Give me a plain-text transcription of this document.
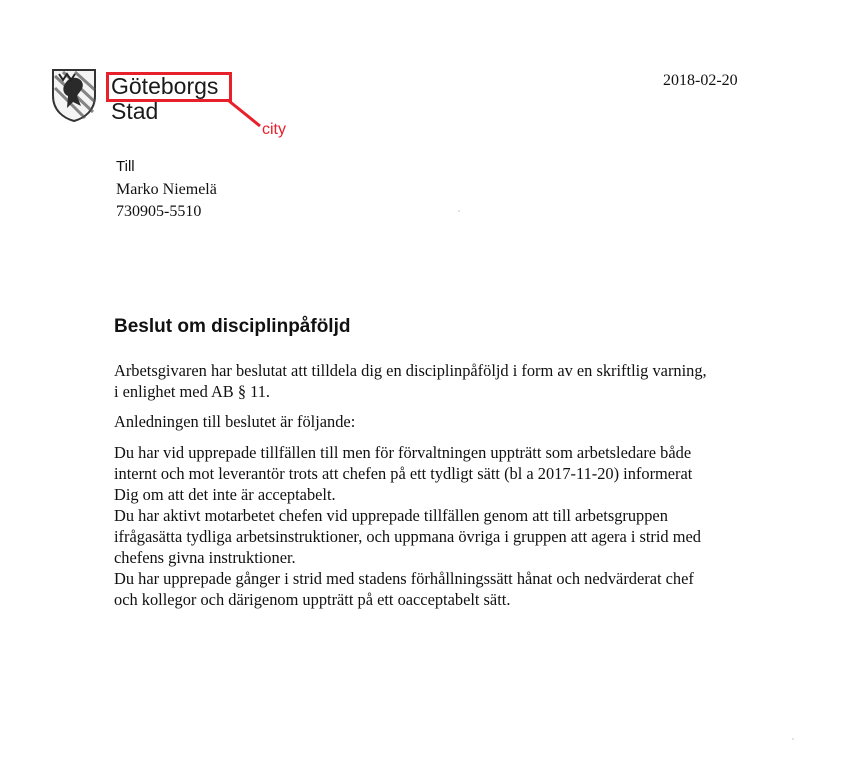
Göteborgs
Stad
city
2018-02-20
Till
Marko Niemelä
730905-5510
Beslut om disciplinpåföljd
Arbetsgivaren har beslutat att tilldela dig en disciplinpåföljd i form av en skriftlig varning,
i enlighet med AB § 11.
Anledningen till beslutet är följande:
Du har vid upprepade tillfällen till men för förvaltningen uppträtt som arbetsledare både
internt och mot leverantör trots att chefen på ett tydligt sätt (bl a 2017-11-20) informerat
Dig om att det inte är acceptabelt.
Du har aktivt motarbetet chefen vid upprepade tillfällen genom att till arbetsgruppen
ifrågasätta tydliga arbetsinstruktioner, och uppmana övriga i gruppen att agera i strid med
chefens givna instruktioner.
Du har upprepade gånger i strid med stadens förhållningssätt hånat och nedvärderat chef
och kollegor och därigenom uppträtt på ett oacceptabelt sätt.
